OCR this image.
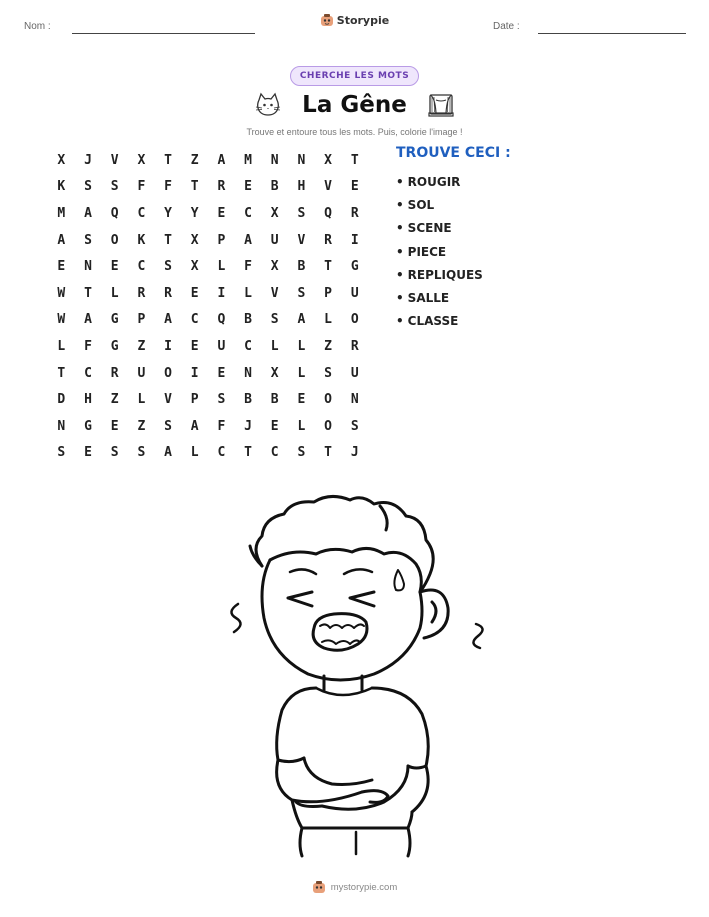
Nom :	Storypie	Date :
CHERCHE LES MOTS
La Gêne
Trouve et entoure tous les mots. Puis, colorie l'image !
X	J	V	X	T	Z	A	M	N	N	X	T
K	S	S	F	F	T	R	E	B	H	V	E
M	A	Q	C	Y	Y	E	C	X	S	Q	R
A	S	O	K	T	X	P	A	U	V	R	I
E	N	E	C	S	X	L	F	X	B	T	G
W	T	L	R	R	E	I	L	V	S	P	U
W	A	G	P	A	C	Q	B	S	A	L	O
L	F	G	Z	I	E	U	C	L	L	Z	R
T	C	R	U	O	I	E	N	X	L	S	U
D	H	Z	L	V	P	S	B	B	E	O	N
N	G	E	Z	S	A	F	J	E	L	O	S
S	E	S	S	A	L	C	T	C	S	T	J
TROUVE CECI :
• ROUGIR
• SOL
• SCENE
• PIECE
• REPLIQUES
• SALLE
• CLASSE
mystorypie.com
